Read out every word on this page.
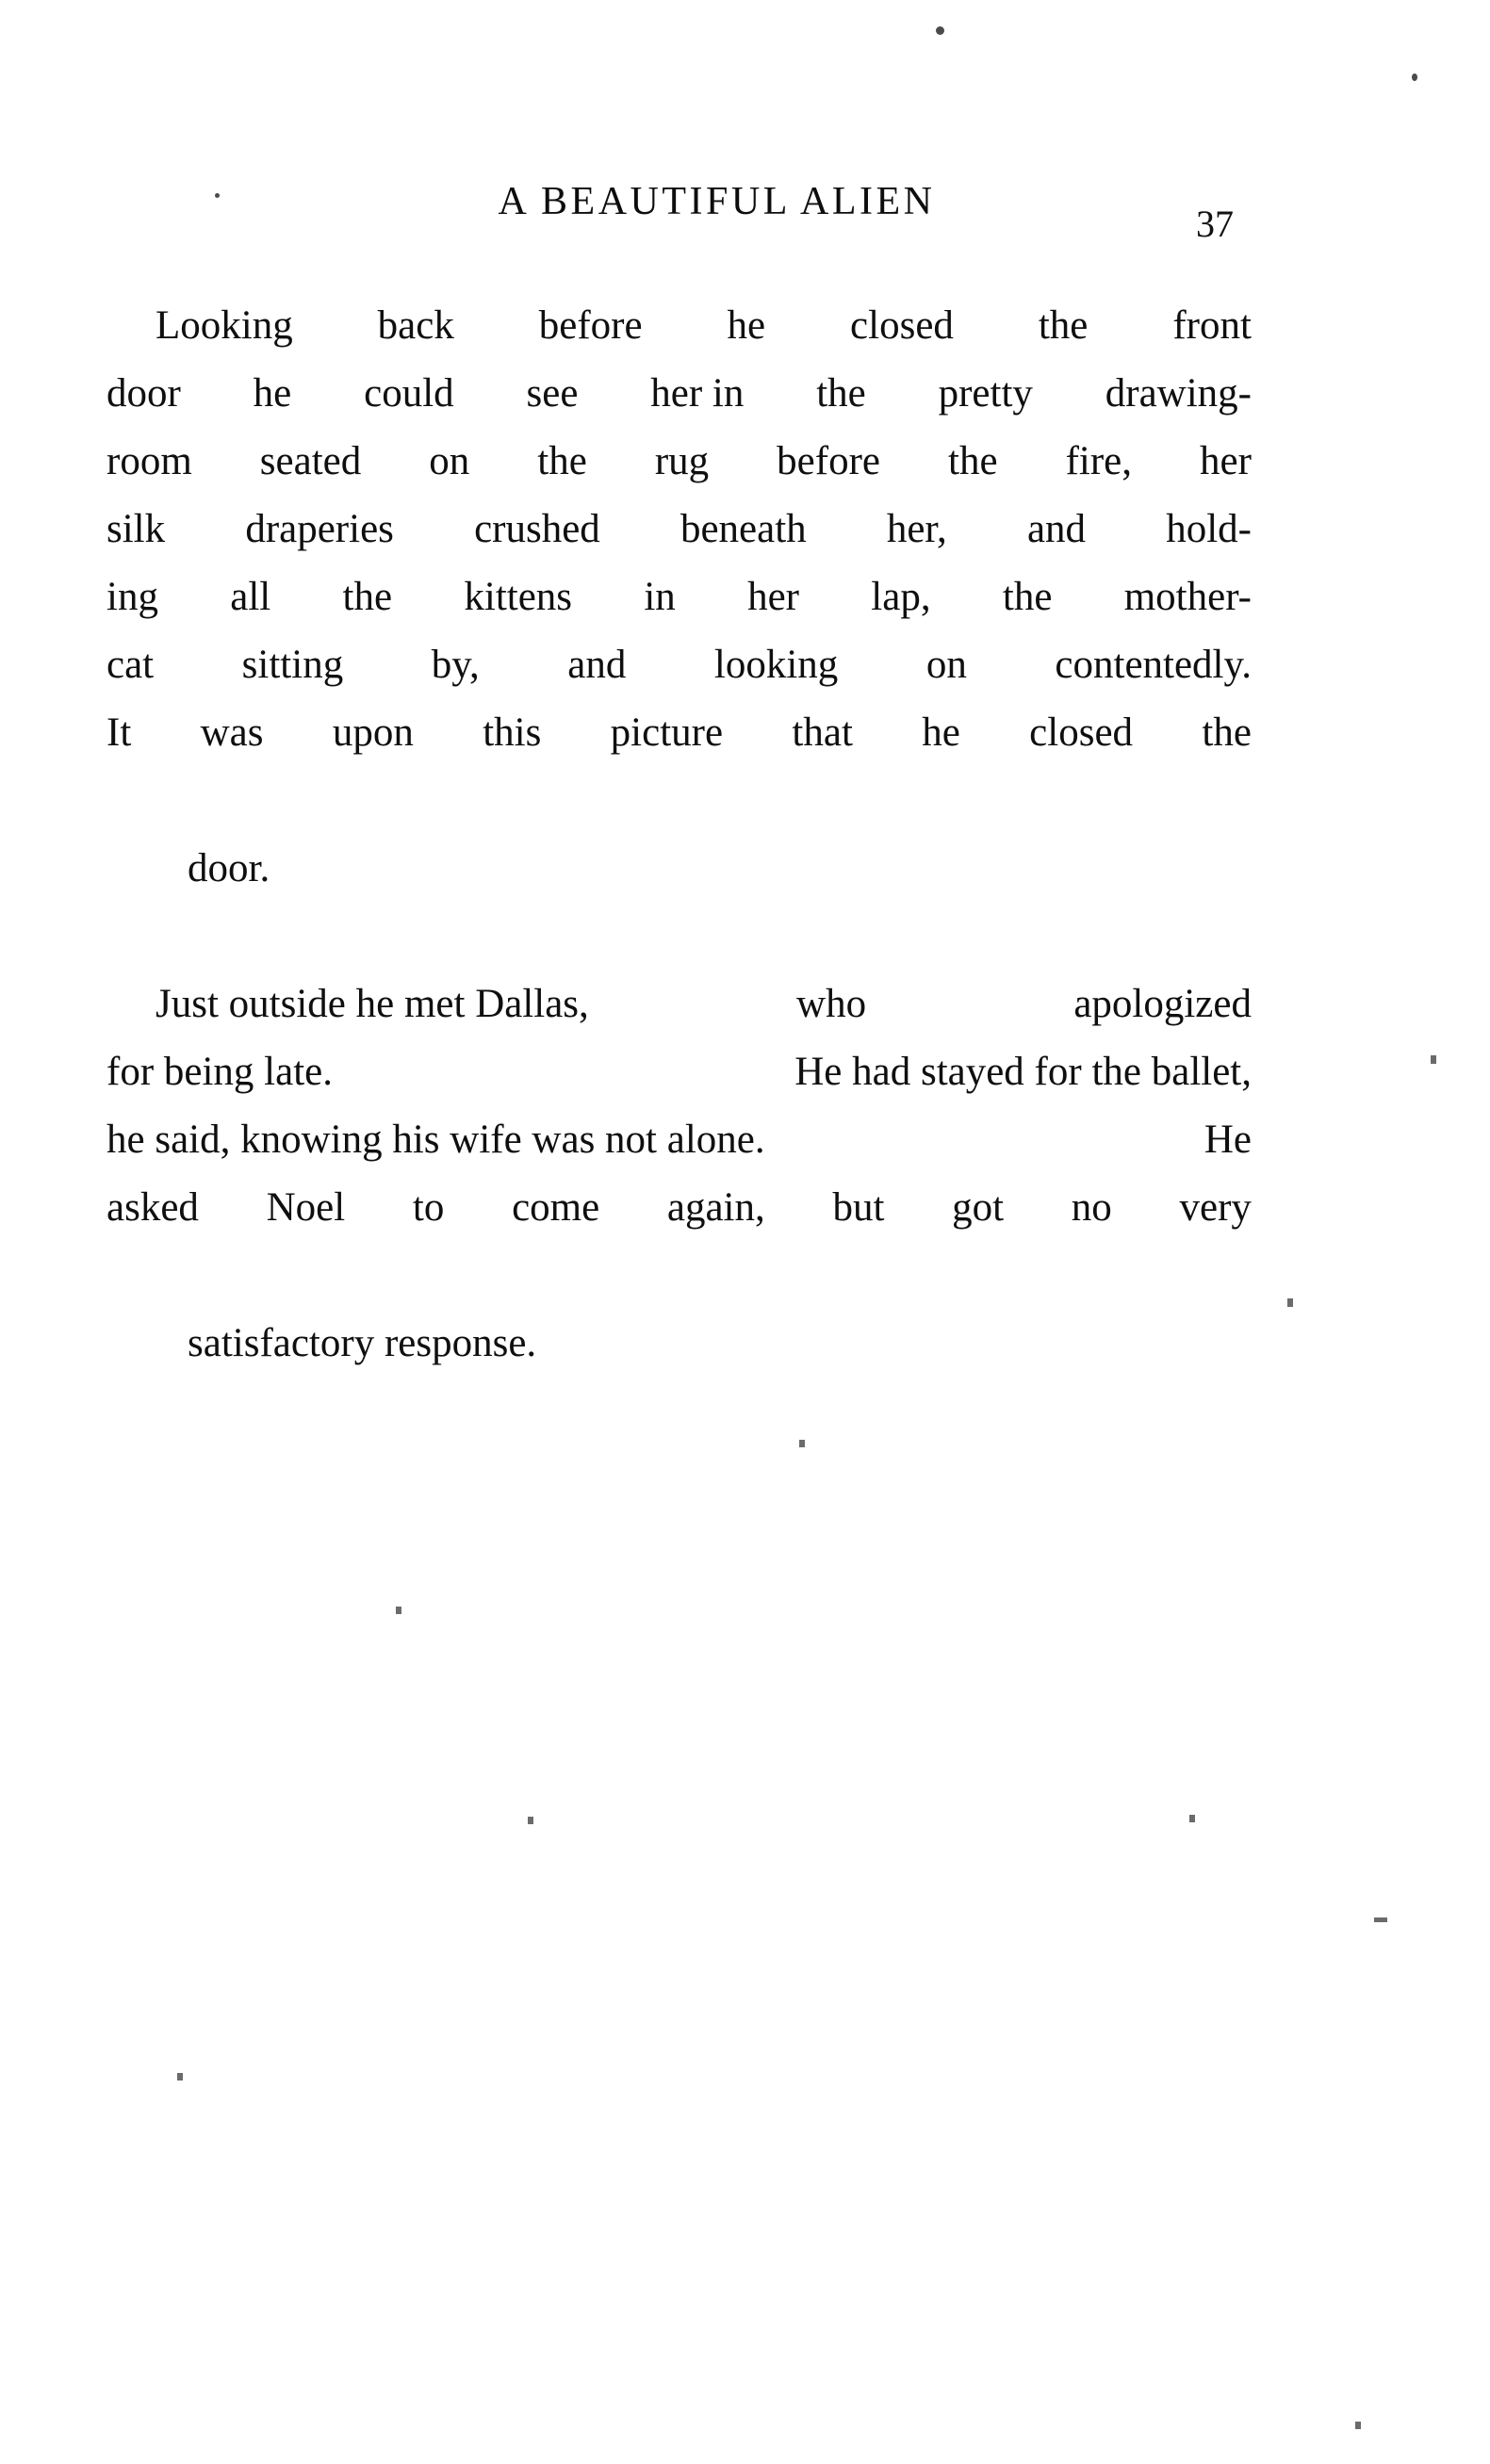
A BEAUTIFUL ALIEN
37
Looking back before he closed the front
door he could see her in the pretty drawing-
room seated on the rug before the fire, her
silk draperies crushed beneath her, and hold-
ing all the kittens in her lap, the mother-
cat sitting by, and looking on contentedly.
It was upon this picture that he closed the

door.

Just outside he met Dallas,	who	apologized
for being late.	He had stayed for the ballet,
he said, knowing his wife was not alone.	He
asked Noel to come again, but got no very

satisfactory response.
